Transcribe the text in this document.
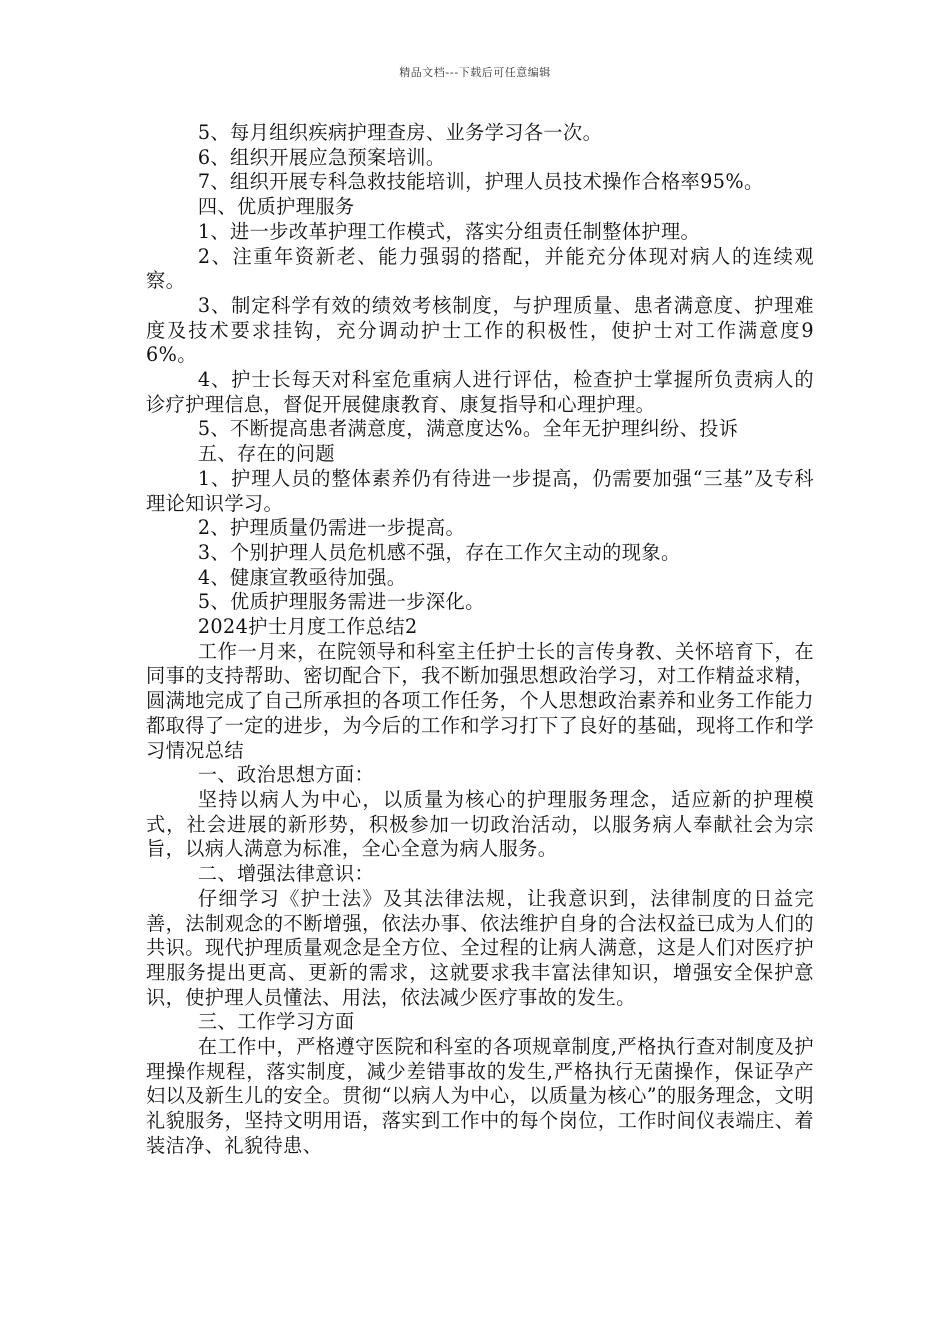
精品文档---下载后可任意编辑

5、每月组织疾病护理查房、业务学习各一次。

6、组织开展应急预案培训。

7、组织开展专科急救技能培训，护理人员技术操作合格率95%。

四、优质护理服务

1、进一步改革护理工作模式，落实分组责任制整体护理。

2、注重年资新老、能力强弱的搭配，并能充分体现对病人的连续观察。

3、制定科学有效的绩效考核制度，与护理质量、患者满意度、护理难度及技术要求挂钩，充分调动护士工作的积极性，使护士对工作满意度96%。

4、护士长每天对科室危重病人进行评估，检查护士掌握所负责病人的诊疗护理信息，督促开展健康教育、康复指导和心理护理。

5、不断提高患者满意度，满意度达%。全年无护理纠纷、投诉

五、存在的问题

1、护理人员的整体素养仍有待进一步提高，仍需要加强“三基”及专科理论知识学习。

2、护理质量仍需进一步提高。

3、个别护理人员危机感不强，存在工作欠主动的现象。

4、健康宣教亟待加强。

5、优质护理服务需进一步深化。

2024护士月度工作总结2

工作一月来，在院领导和科室主任护士长的言传身教、关怀培育下，在同事的支持帮助、密切配合下，我不断加强思想政治学习，对工作精益求精，圆满地完成了自己所承担的各项工作任务，个人思想政治素养和业务工作能力都取得了一定的进步，为今后的工作和学习打下了良好的基础，现将工作和学习情况总结

一、政治思想方面：

坚持以病人为中心，以质量为核心的护理服务理念，适应新的护理模式，社会进展的新形势，积极参加一切政治活动，以服务病人奉献社会为宗旨，以病人满意为标准，全心全意为病人服务。

二、增强法律意识：

仔细学习《护士法》及其法律法规，让我意识到，法律制度的日益完善，法制观念的不断增强，依法办事、依法维护自身的合法权益已成为人们的共识。现代护理质量观念是全方位、全过程的让病人满意，这是人们对医疗护理服务提出更高、更新的需求，这就要求我丰富法律知识，增强安全保护意识，使护理人员懂法、用法，依法减少医疗事故的发生。

三、工作学习方面

在工作中，严格遵守医院和科室的各项规章制度,严格执行查对制度及护理操作规程，落实制度，减少差错事故的发生,严格执行无菌操作，保证孕产妇以及新生儿的安全。贯彻“以病人为中心，以质量为核心”的服务理念，文明礼貌服务，坚持文明用语，落实到工作中的每个岗位，工作时间仪表端庄、着装洁净、礼貌待患、
